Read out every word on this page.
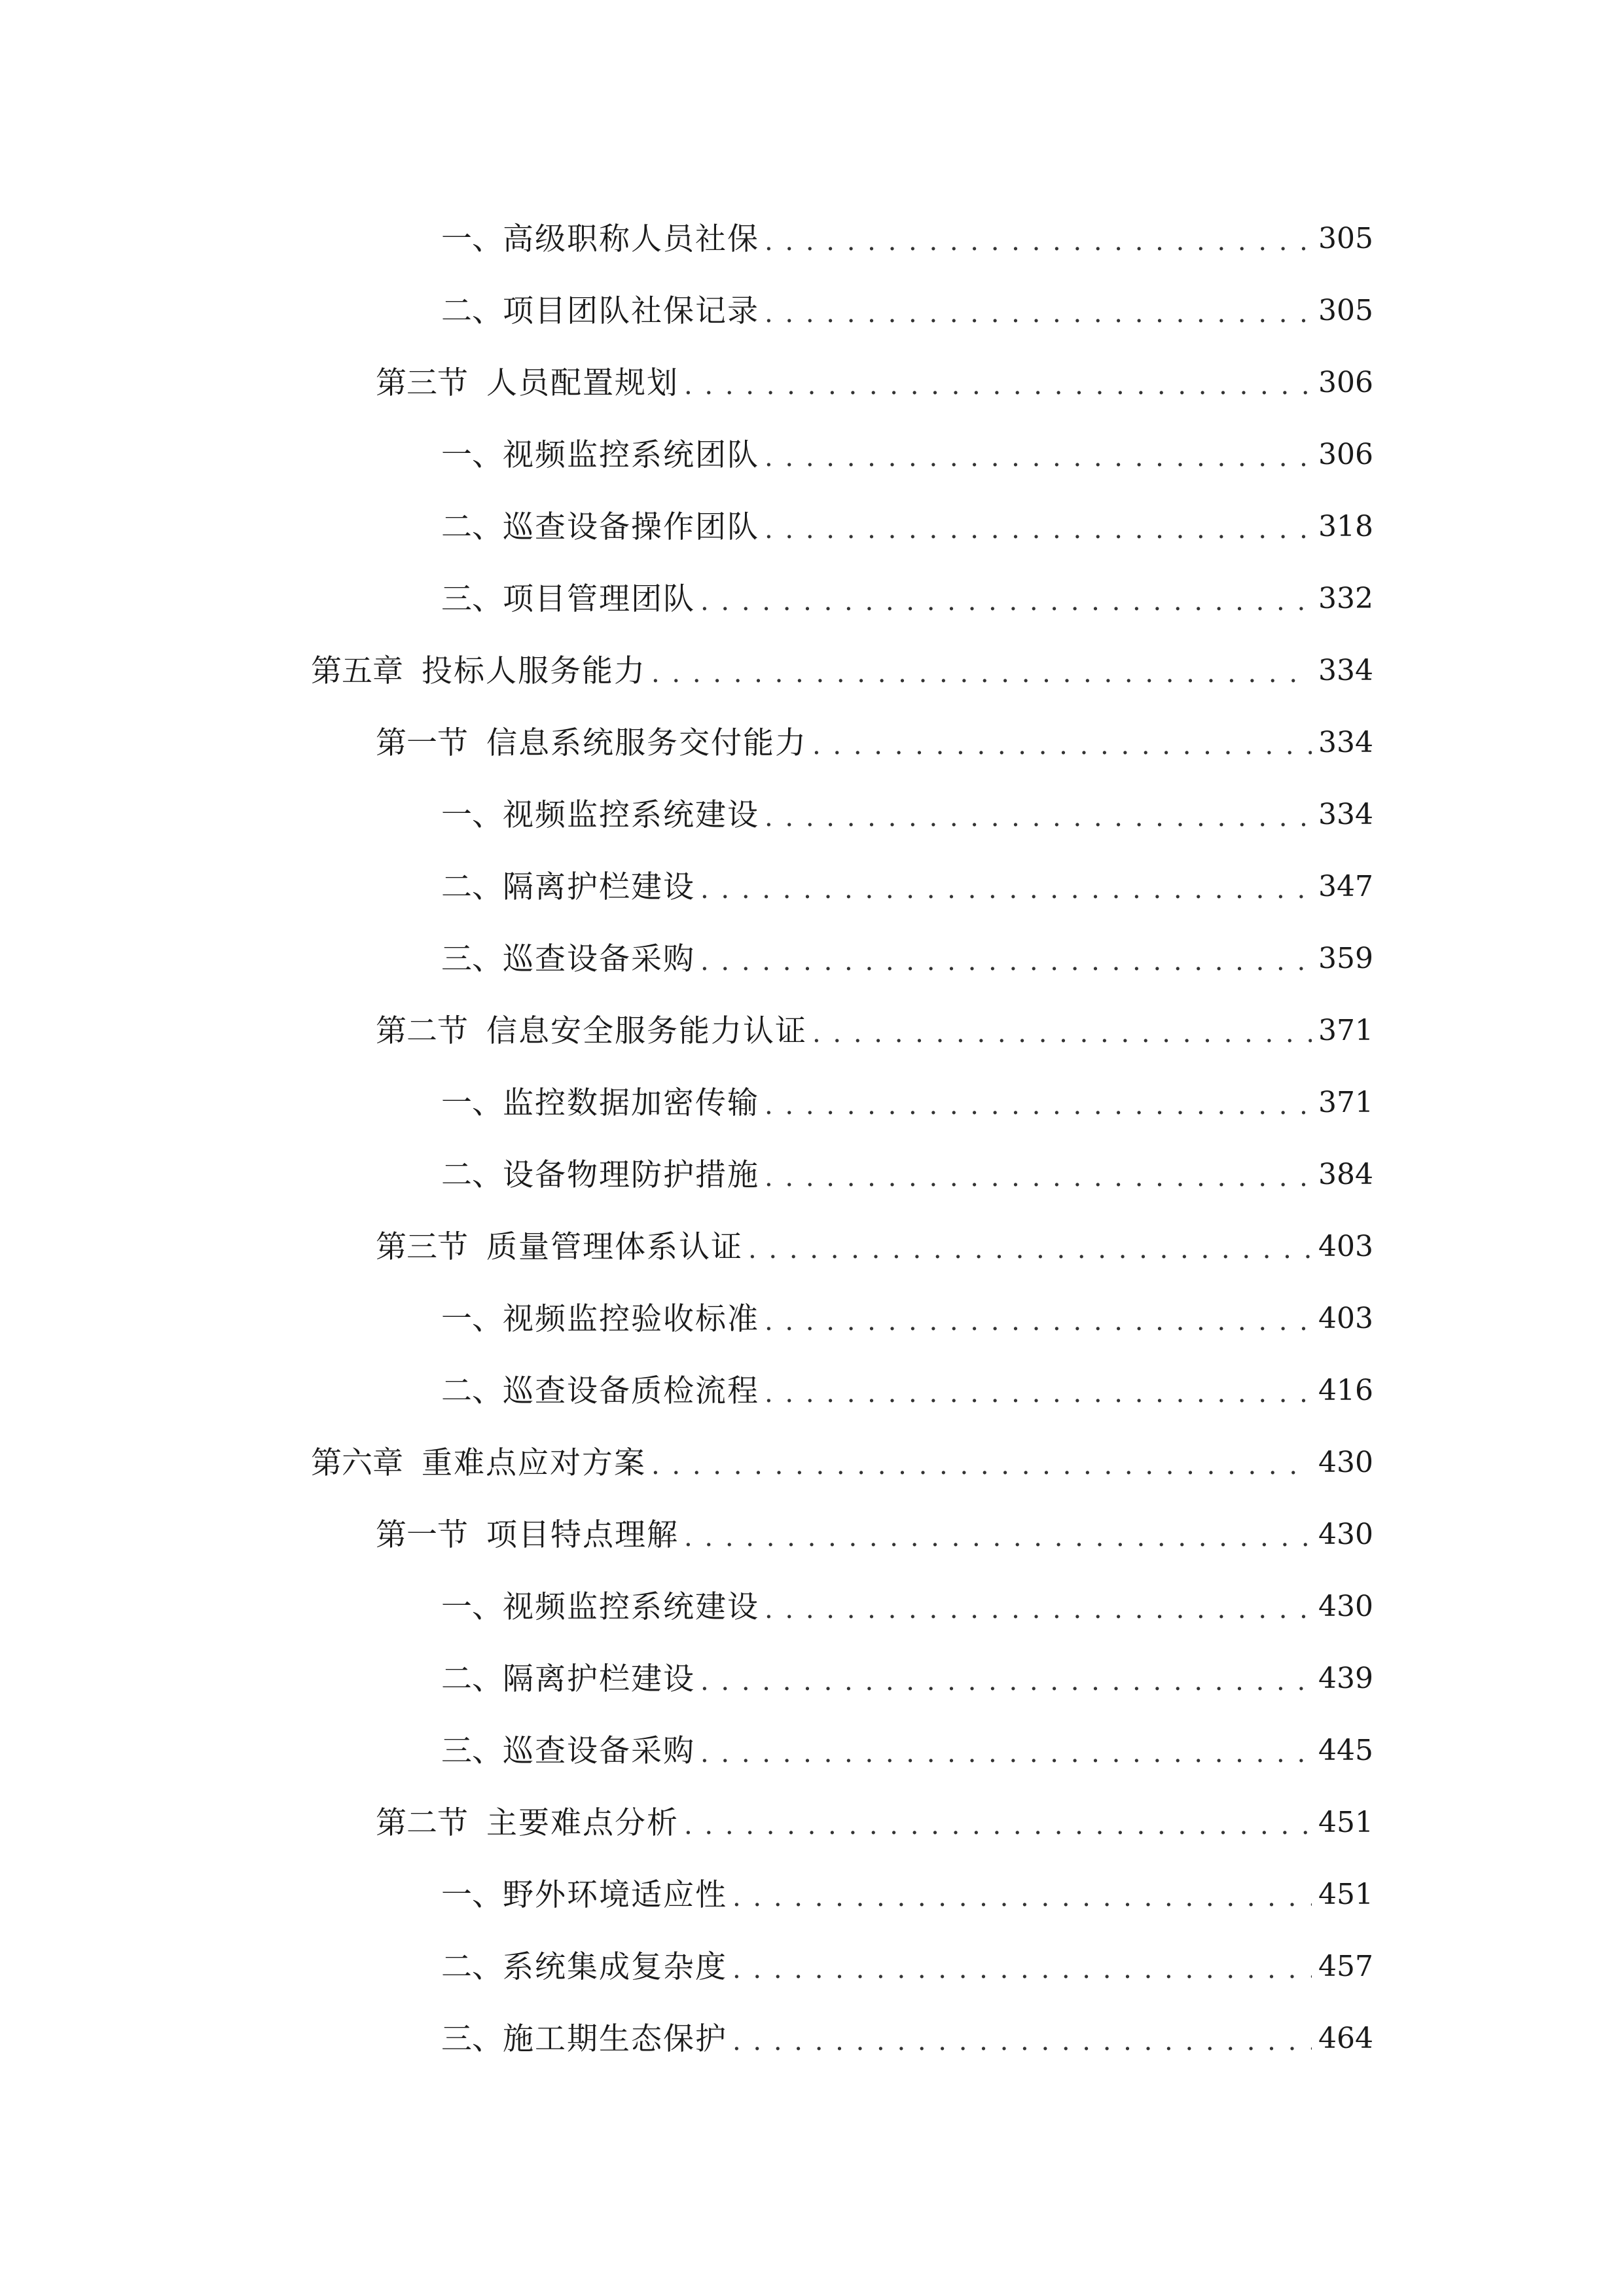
一、 高级职称人员社保 . . .	305
二、 项目团队社保记录 . . .	305
第三节 人员配置规划 . . .	306
一、 视频监控系统团队 . . .	306
二、 巡查设备操作团队 . . .	318
三、 项目管理团队 . . .	332
第五章 投标人服务能力 . . .	334
第一节 信息系统服务交付能力 . . .	334
一、 视频监控系统建设 . . .	334
二、 隔离护栏建设 . . .	347
三、 巡查设备采购 . . .	359
第二节 信息安全服务能力认证 . . .	371
一、 监控数据加密传输 . . .	371
二、 设备物理防护措施 . . .	384
第三节 质量管理体系认证 . . .	403
一、 视频监控验收标准 . . .	403
二、 巡查设备质检流程 . . .	416
第六章 重难点应对方案 . . .	430
第一节 项目特点理解 . . .	430
一、 视频监控系统建设 . . .	430
二、 隔离护栏建设 . . .	439
三、 巡查设备采购 . . .	445
第二节 主要难点分析 . . .	451
一、 野外环境适应性 . . .	451
二、 系统集成复杂度 . . .	457
三、 施工期生态保护 . . .	464
